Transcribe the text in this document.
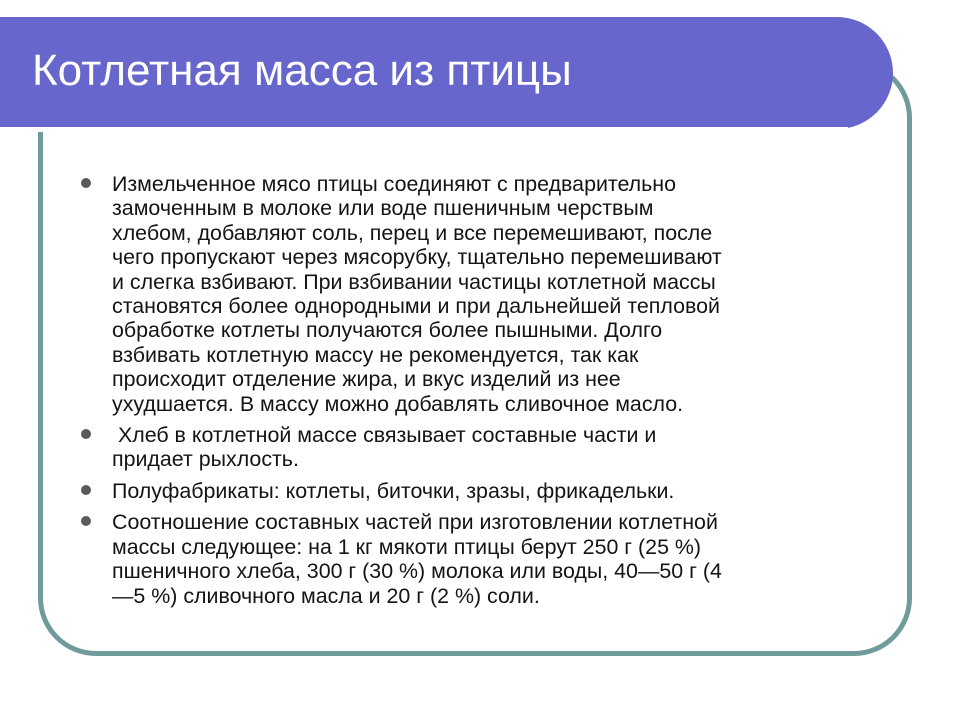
Котлетная масса из птицы
Измельченное мясо птицы соединяют с предварительно
замоченным в молоке или воде пшеничным черствым
хлебом, добавляют соль, перец и все перемешивают, после
чего пропускают через мясорубку, тщательно перемешивают
и слегка взбивают. При взбивании частицы котлетной массы
становятся более однородными и при дальнейшей тепловой
обработке котлеты получаются более пышными. Долго
взбивать котлетную массу не рекомендуется, так как
происходит отделение жира, и вкус изделий из нее
ухудшается. В массу можно добавлять сливочное масло.
Хлеб в котлетной массе связывает составные части и
придает рыхлость.
Полуфабрикаты: котлеты, биточки, зразы, фрикадельки.
Соотношение составных частей при изготовлении котлетной
массы следующее: на 1 кг мякоти птицы берут 250 г (25 %)
пшеничного хлеба, 300 г (30 %) молока или воды, 40—50 г (4
—5 %) сливочного масла и 20 г (2 %) соли.
